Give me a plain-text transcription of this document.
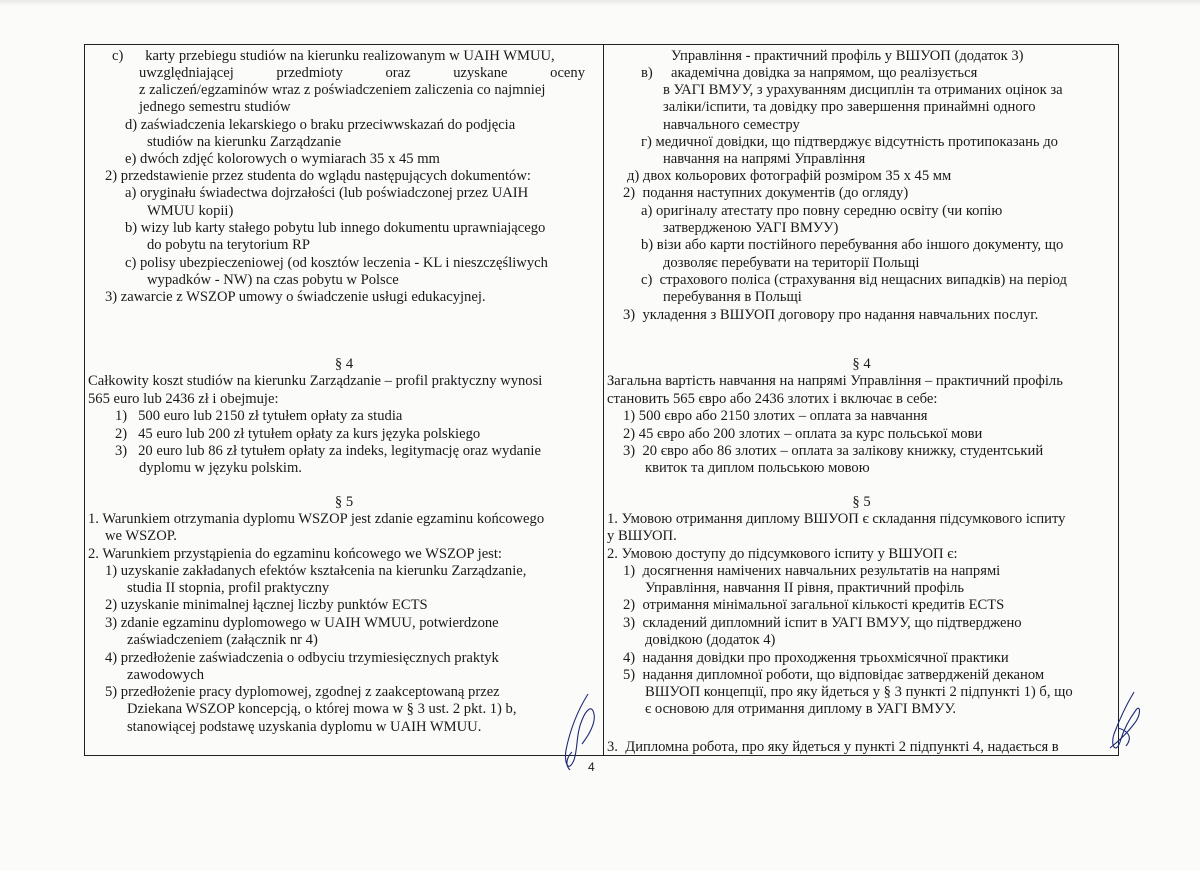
c)      karty przebiegu studiów na kierunku realizowanym w UAIH WMUU,
uwzględniającej przedmioty oraz uzyskane oceny
z zaliczeń/egzaminów wraz z poświadczeniem zaliczenia co najmniej
jednego semestru studiów
d) zaświadczenia lekarskiego o braku przeciwwskazań do podjęcia
studiów na kierunku Zarządzanie
e) dwóch zdjęć kolorowych o wymiarach 35 x 45 mm
2) przedstawienie przez studenta do wglądu następujących dokumentów:
a) oryginału świadectwa dojrzałości (lub poświadczonej przez UAIH
WMUU kopii)
b) wizy lub karty stałego pobytu lub innego dokumentu uprawniającego
do pobytu na terytorium RP
c) polisy ubezpieczeniowej (od kosztów leczenia - KL i nieszczęśliwych
wypadków - NW) na czas pobytu w Polsce
3) zawarcie z WSZOP umowy o świadczenie usługi edukacyjnej.
§ 4
Całkowity koszt studiów na kierunku Zarządzanie – profil praktyczny wynosi
565 euro lub 2436 zł i obejmuje:
1)   500 euro lub 2150 zł tytułem opłaty za studia
2)   45 euro lub 200 zł tytułem opłaty za kurs języka polskiego
3)   20 euro lub 86 zł tytułem opłaty za indeks, legitymację oraz wydanie
dyplomu w języku polskim.
§ 5
1. Warunkiem otrzymania dyplomu WSZOP jest zdanie egzaminu końcowego
we WSZOP.
2. Warunkiem przystąpienia do egzaminu końcowego we WSZOP jest:
1) uzyskanie zakładanych efektów kształcenia na kierunku Zarządzanie,
studia II stopnia, profil praktyczny
2) uzyskanie minimalnej łącznej liczby punktów ECTS
3) zdanie egzaminu dyplomowego w UAIH WMUU, potwierdzone
zaświadczeniem (załącznik nr 4)
4) przedłożenie zaświadczenia o odbyciu trzymiesięcznych praktyk
zawodowych
5) przedłożenie pracy dyplomowej, zgodnej z zaakceptowaną przez
Dziekana WSZOP koncepcją, o której mowa w § 3 ust. 2 pkt. 1) b,
stanowiącej podstawę uzyskania dyplomu w UAIH WMUU.
Управління - практичний профіль у ВШУОП (додаток 3)
в)     академічна довідка за напрямом, що реалізується
в УАГІ ВМУУ, з урахуванням дисциплін та отриманих оцінок за
заліки/іспити, та довідку про завершення принаймні одного
навчального семестру
г) медичної довідки, що підтверджує відсутність протипоказань до
навчання на напрямі Управління
д) двох кольорових фотографій розміром 35 х 45 мм
2)  подання наступних документів (до огляду)
а) оригіналу атестату про повну середню освіту (чи копію
затвердженою УАГІ ВМУУ)
b) візи або карти постійного перебування або іншого документу, що
дозволяє перебувати на території Польщі
c)  страхового поліса (страхування від нещасних випадків) на період
перебування в Польщі
3)  укладення з ВШУОП договору про надання навчальних послуг.
§ 4
Загальна вартість навчання на напрямі Управління – практичний профіль
становить 565 євро або 2436 злотих і включає в себе:
1) 500 євро або 2150 злотих – оплата за навчання
2) 45 євро або 200 злотих – оплата за курс польської мови
3)  20 євро або 86 злотих – оплата за залікову книжку, студентський
квиток та диплом польською мовою
§ 5
1. Умовою отримання диплому ВШУОП є складання підсумкового іспиту
у ВШУОП.
2. Умовою доступу до підсумкового іспиту у ВШУОП є:
1)  досягнення намічених навчальних результатів на напрямі
Управління, навчання ІІ рівня, практичний профіль
2)  отримання мінімальної загальної кількості кредитів ECTS
3)  складений дипломний іспит в УАГІ ВМУУ, що підтверджено
довідкою (додаток 4)
4)  надання довідки про проходження трьохмісячної практики
5)  надання дипломної роботи, що відповідає затвердженій деканом
ВШУОП концепції, про яку йдеться у § 3 пункті 2 підпункті 1) б, що
є основою для отримання диплому в УАГІ ВМУУ.
3.  Дипломна робота, про яку йдеться у пункті 2 підпункті 4, надається в
4
